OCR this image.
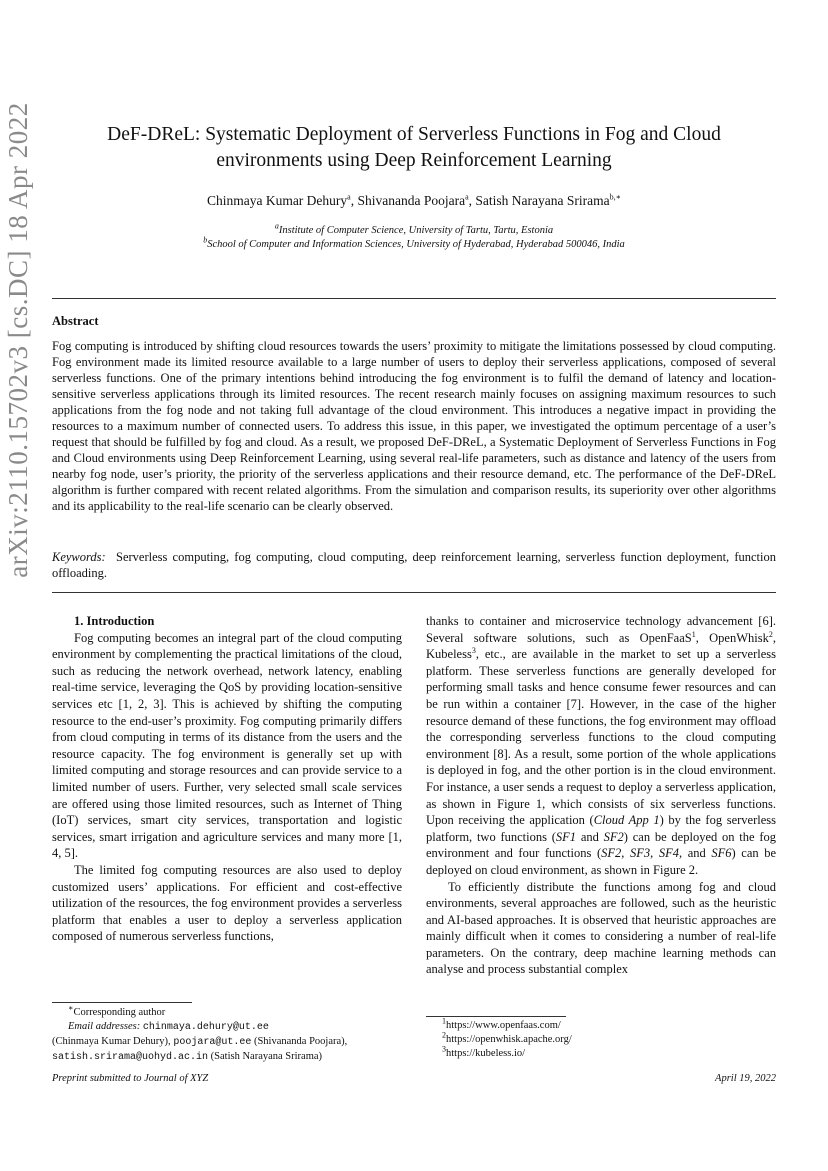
arXiv:2110.15702v3 [cs.DC] 18 Apr 2022	DeF-DReL: Systematic Deployment of Serverless Functions in Fog and Cloud environments using Deep Reinforcement Learning
Chinmaya Kumar Dehury$^a$, Shivananda Poojara$^a$, Satish Narayana Srirama$^{b,∗}$
$^a$Institute of Computer Science, University of Tartu, Tartu, Estonia
$^b$School of Computer and Information Sciences, University of Hyderabad, Hyderabad 500046, India
Abstract

Fog computing is introduced by shifting cloud resources towards the users’ proximity to mitigate the limitations possessed by cloud computing. Fog environment made its limited resource available to a large number of users to deploy their serverless applications, composed of several serverless functions. One of the primary intentions behind introducing the fog environment is to fulfil the demand of latency and location-sensitive serverless applications through its limited resources. The recent research mainly focuses on assigning maximum resources to such applications from the fog node and not taking full advantage of the cloud environment. This introduces a negative impact in providing the resources to a maximum number of connected users. To address this issue, in this paper, we investigated the optimum percentage of a user’s request that should be fulfilled by fog and cloud. As a result, we proposed DeF-DReL, a Systematic Deployment of Serverless Functions in Fog and Cloud environments using Deep Reinforcement Learning, using several real-life parameters, such as distance and latency of the users from nearby fog node, user’s priority, the priority of the serverless applications and their resource demand, etc. The performance of the DeF-DReL algorithm is further compared with recent related algorithms. From the simulation and comparison results, its superiority over other algorithms and its applicability to the real-life scenario can be clearly observed.

Keywords: Serverless computing, fog computing, cloud computing, deep reinforcement learning, serverless function deployment, function offloading.

1. Introduction

Fog computing becomes an integral part of the cloud computing environment by complementing the practical limitations of the cloud, such as reducing the network overhead, network latency, enabling real-time service, leveraging the QoS by providing location-sensitive services etc [1, 2, 3]. This is achieved by shifting the computing resource to the end-user’s proximity. Fog computing primarily differs from cloud computing in terms of its distance from the users and the resource capacity. The fog environment is generally set up with limited computing and storage resources and can provide service to a limited number of users. Further, very selected small scale services are offered using those limited resources, such as Internet of Thing (IoT) services, smart city services, transportation and logistic services, smart irrigation and agriculture services and many more [1, 4, 5].

The limited fog computing resources are also used to deploy customized users’ applications. For efficient and cost-effective utilization of the resources, the fog environment provides a serverless platform that enables a user to deploy a serverless application composed of numerous serverless functions,

thanks to container and microservice technology advancement [6]. Several software solutions, such as OpenFaaS$^1$, OpenWhisk$^2$, Kubeless$^3$, etc., are available in the market to set up a serverless platform. These serverless functions are generally developed for performing small tasks and hence consume fewer resources and can be run within a container [7]. However, in the case of the higher resource demand of these functions, the fog environment may offload the corresponding serverless functions to the cloud computing environment [8]. As a result, some portion of the whole applications is deployed in fog, and the other portion is in the cloud environment. For instance, a user sends a request to deploy a serverless application, as shown in Figure 1, which consists of six serverless functions. Upon receiving the application (Cloud App 1) by the fog serverless platform, two functions (SF1 and SF2) can be deployed on the fog environment and four functions (SF2, SF3, SF4, and SF6) can be deployed on cloud environment, as shown in Figure 2.

To efficiently distribute the functions among fog and cloud environments, several approaches are followed, such as the heuristic and AI-based approaches. It is observed that heuristic approaches are mainly difficult when it comes to considering a number of real-life parameters. On the contrary, deep machine learning methods can analyse and process substantial complex

∗Corresponding author
Email addresses: chinmaya.dehury@ut.ee
(Chinmaya Kumar Dehury), poojara@ut.ee (Shivananda Poojara),
satish.srirama@uohyd.ac.in (Satish Narayana Srirama)
$^1$https://www.openfaas.com/
$^2$https://openwhisk.apache.org/
$^3$https://kubeless.io/
Preprint submitted to Journal of XYZ	April 19, 2022
